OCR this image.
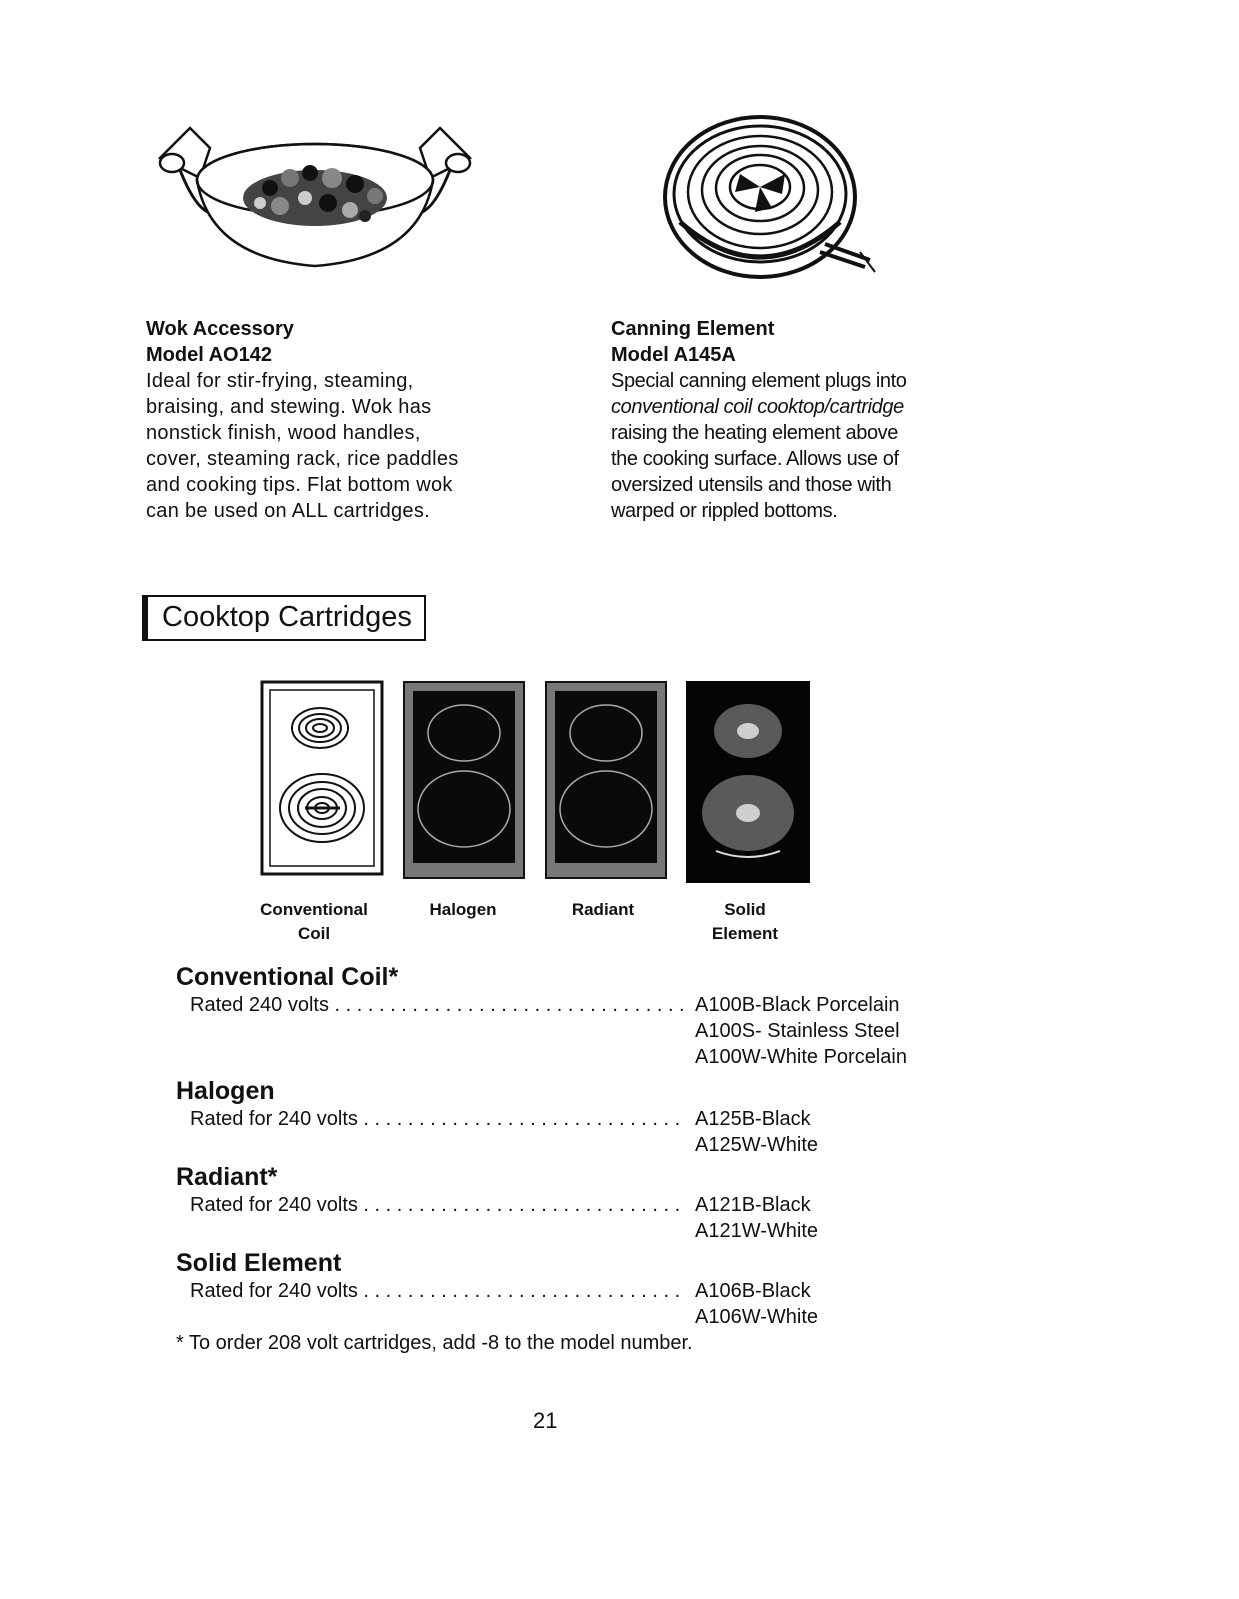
Wok Accessory
Model AO142
Ideal for stir-frying, steaming,
braising, and stewing. Wok has
nonstick finish, wood handles,
cover, steaming rack, rice paddles
and cooking tips. Flat bottom wok
can be used on ALL cartridges.
Canning Element
Model A145A
Special canning element plugs into
conventional coil cooktop/cartridge
raising the heating element above
the cooking surface. Allows use of
oversized utensils and those with
warped or rippled bottoms.
Cooktop Cartridges
Conventional
Coil
Halogen	Radiant	Solid
Element
Conventional Coil*
Rated 240 volts . . .	A100B-Black Porcelain
A100S- Stainless Steel
A100W-White Porcelain
Halogen
Rated for 240 volts . . .	A125B-Black
A125W-White
Radiant*
Rated for 240 volts . . .	A121B-Black
A121W-White
Solid Element
Rated for 240 volts . . .	A106B-Black
A106W-White
* To order 208 volt cartridges, add -8 to the model number.
21
